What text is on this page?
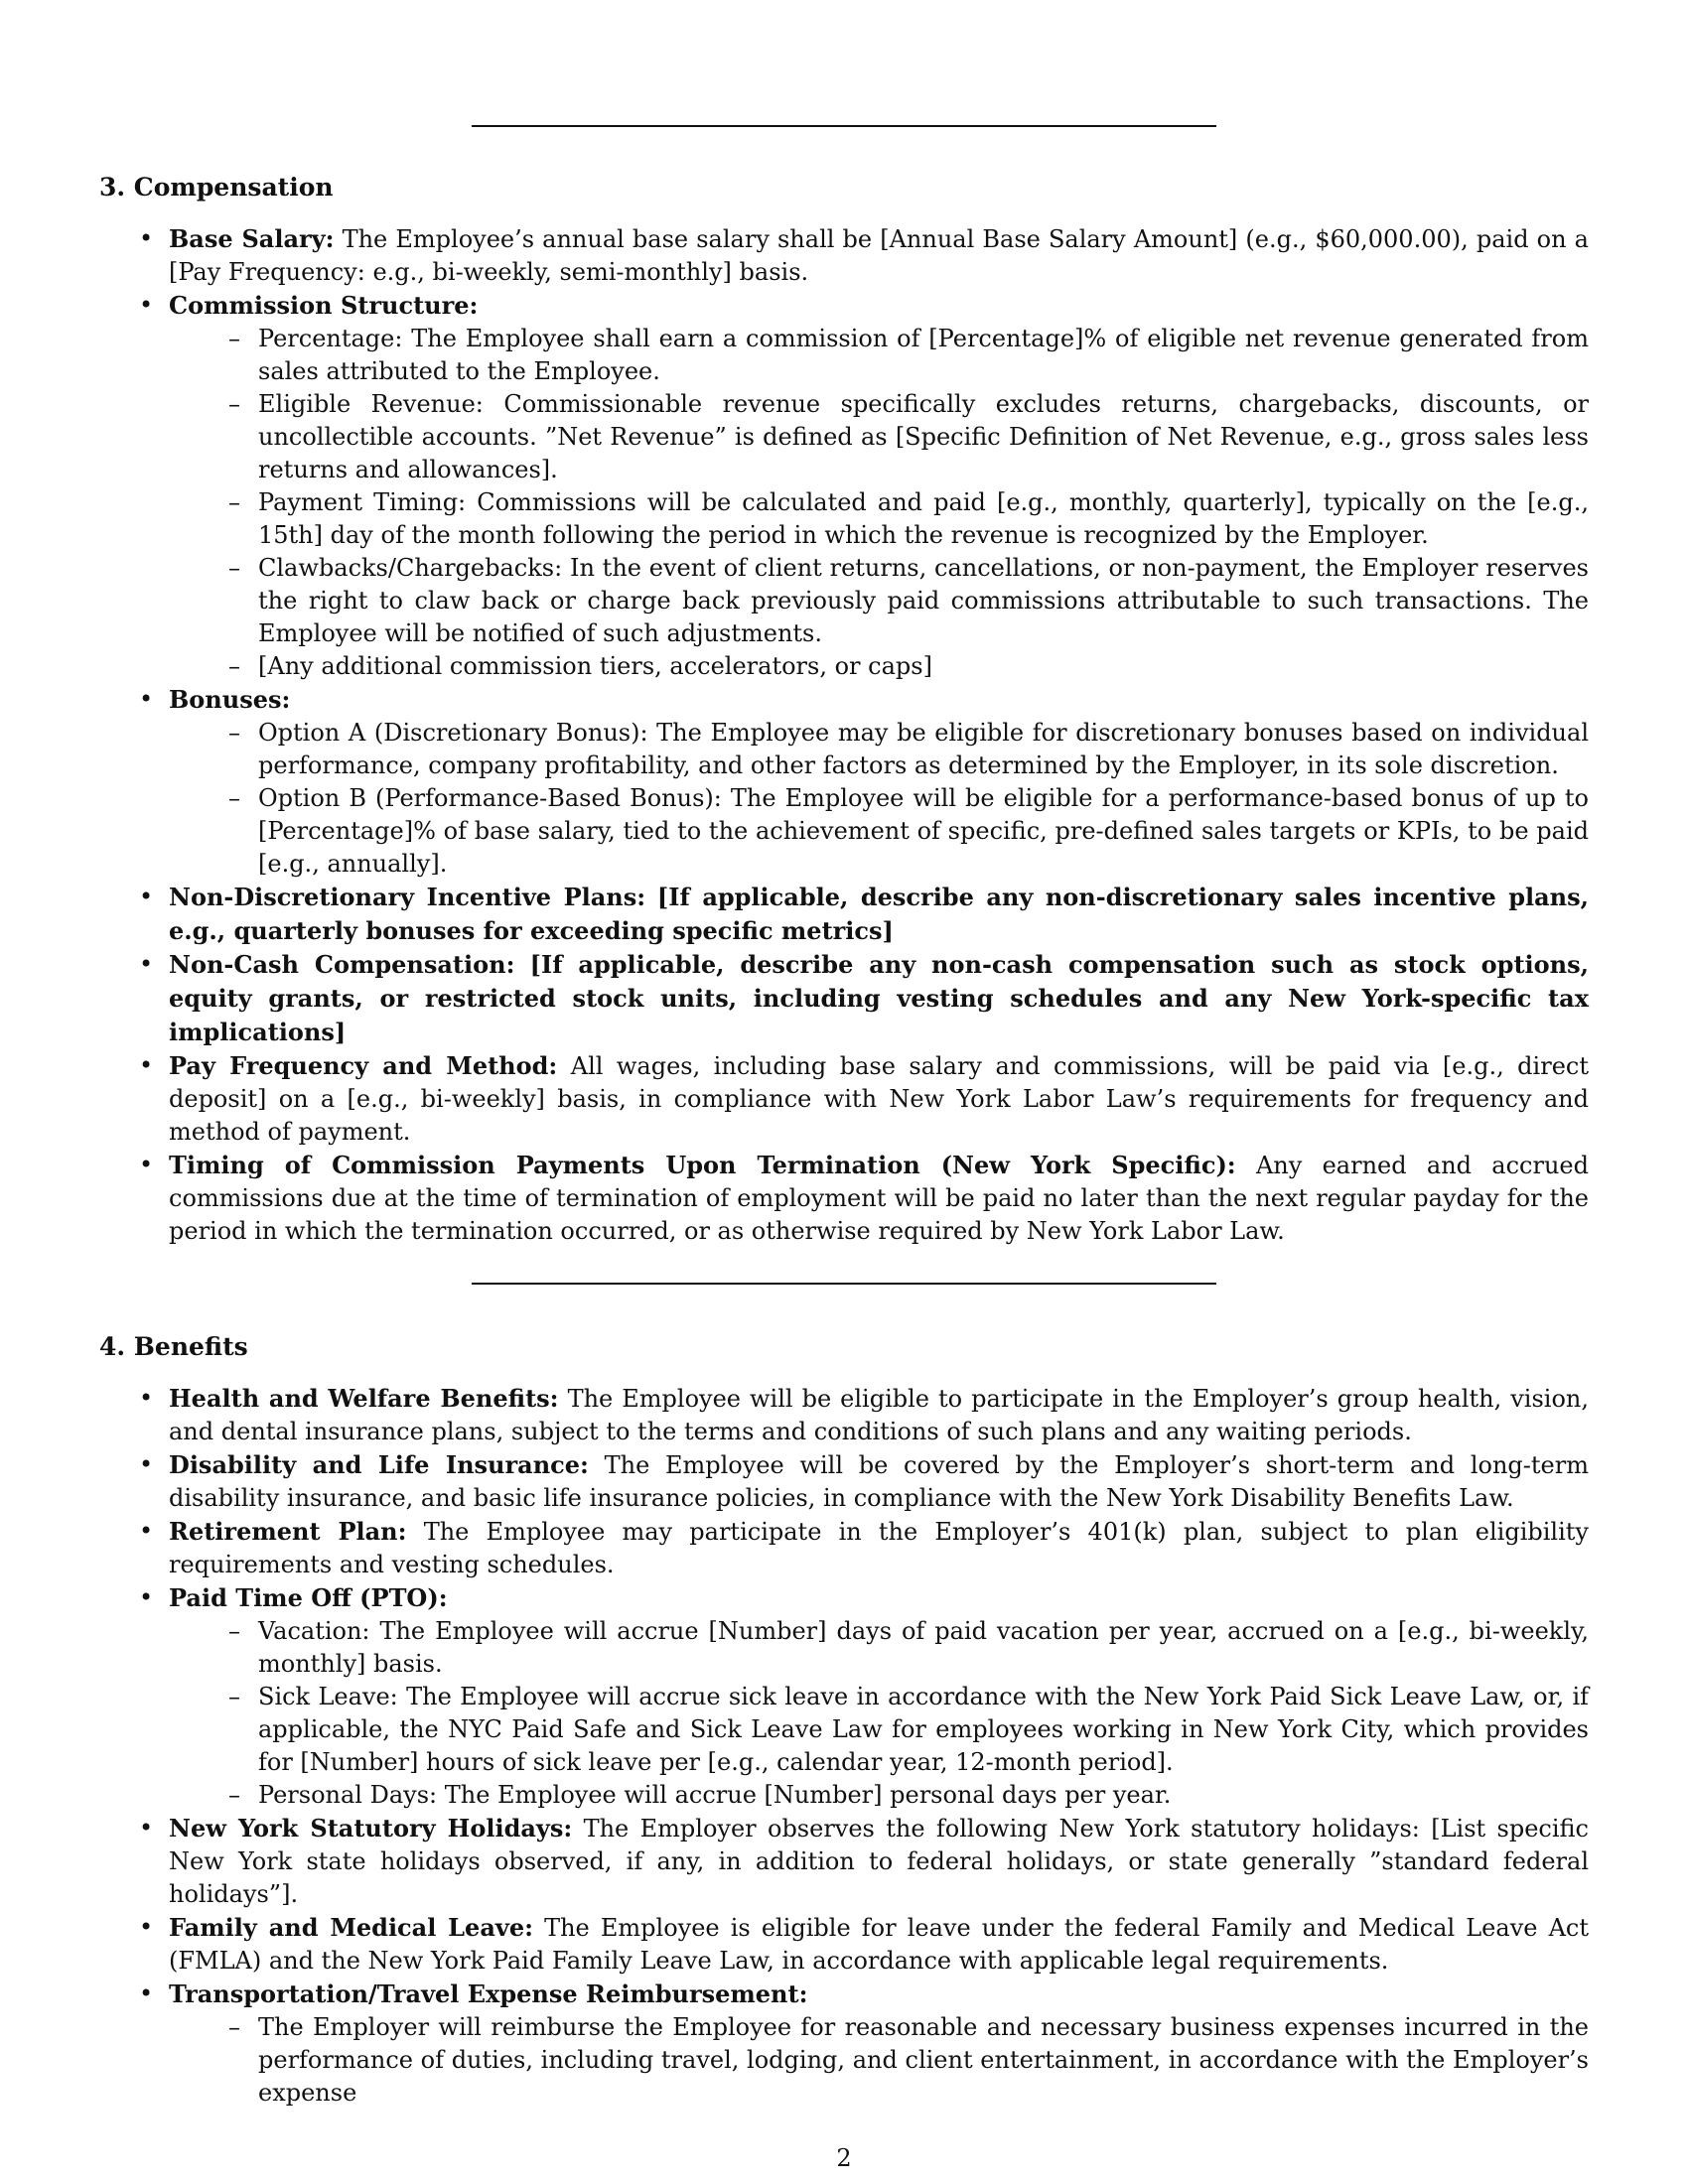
3. Compensation
• Base Salary: The Employee’s annual base salary shall be [Annual Base Salary Amount] (e.g., $60,000.00), paid on a [Pay Frequency: e.g., bi-weekly, semi-monthly] basis.
• Commission Structure:
– Percentage: The Employee shall earn a commission of [Percentage]% of eligible net revenue generated from sales attributed to the Employee.
– Eligible Revenue: Commissionable revenue specifically excludes returns, chargebacks, discounts, or uncollectible accounts. ”Net Revenue” is defined as [Specific Definition of Net Revenue, e.g., gross sales less returns and allowances].
– Payment Timing: Commissions will be calculated and paid [e.g., monthly, quarterly], typically on the [e.g., 15th] day of the month following the period in which the revenue is recognized by the Employer.
– Clawbacks/Chargebacks: In the event of client returns, cancellations, or non-payment, the Employer reserves the right to claw back or charge back previously paid commissions attributable to such transactions. The Employee will be notified of such adjustments.
– [Any additional commission tiers, accelerators, or caps]
• Bonuses:
– Option A (Discretionary Bonus): The Employee may be eligible for discretionary bonuses based on individual performance, company profitability, and other factors as determined by the Employer, in its sole discretion.
– Option B (Performance-Based Bonus): The Employee will be eligible for a performance-based bonus of up to [Percentage]% of base salary, tied to the achievement of specific, pre-defined sales targets or KPIs, to be paid [e.g., annually].
• Non-Discretionary Incentive Plans: [If applicable, describe any non-discretionary sales incentive plans, e.g., quarterly bonuses for exceeding specific metrics]
• Non-Cash Compensation: [If applicable, describe any non-cash compensation such as stock options, equity grants, or restricted stock units, including vesting schedules and any New York-specific tax implications]
• Pay Frequency and Method: All wages, including base salary and commissions, will be paid via [e.g., direct deposit] on a [e.g., bi-weekly] basis, in compliance with New York Labor Law’s requirements for frequency and method of payment.
• Timing of Commission Payments Upon Termination (New York Specific): Any earned and accrued commissions due at the time of termination of employment will be paid no later than the next regular payday for the period in which the termination occurred, or as otherwise required by New York Labor Law.
4. Benefits
• Health and Welfare Benefits: The Employee will be eligible to participate in the Employer’s group health, vision, and dental insurance plans, subject to the terms and conditions of such plans and any waiting periods.
• Disability and Life Insurance: The Employee will be covered by the Employer’s short-term and long-term disability insurance, and basic life insurance policies, in compliance with the New York Disability Benefits Law.
• Retirement Plan: The Employee may participate in the Employer’s 401(k) plan, subject to plan eligibility requirements and vesting schedules.
• Paid Time Off (PTO):
– Vacation: The Employee will accrue [Number] days of paid vacation per year, accrued on a [e.g., bi-weekly, monthly] basis.
– Sick Leave: The Employee will accrue sick leave in accordance with the New York Paid Sick Leave Law, or, if applicable, the NYC Paid Safe and Sick Leave Law for employees working in New York City, which provides for [Number] hours of sick leave per [e.g., calendar year, 12-month period].
– Personal Days: The Employee will accrue [Number] personal days per year.
• New York Statutory Holidays: The Employer observes the following New York statutory holidays: [List specific New York state holidays observed, if any, in addition to federal holidays, or state generally ”standard federal holidays”].
• Family and Medical Leave: The Employee is eligible for leave under the federal Family and Medical Leave Act (FMLA) and the New York Paid Family Leave Law, in accordance with applicable legal requirements.
• Transportation/Travel Expense Reimbursement:
– The Employer will reimburse the Employee for reasonable and necessary business expenses incurred in the performance of duties, including travel, lodging, and client entertainment, in accordance with the Employer’s expense
2
